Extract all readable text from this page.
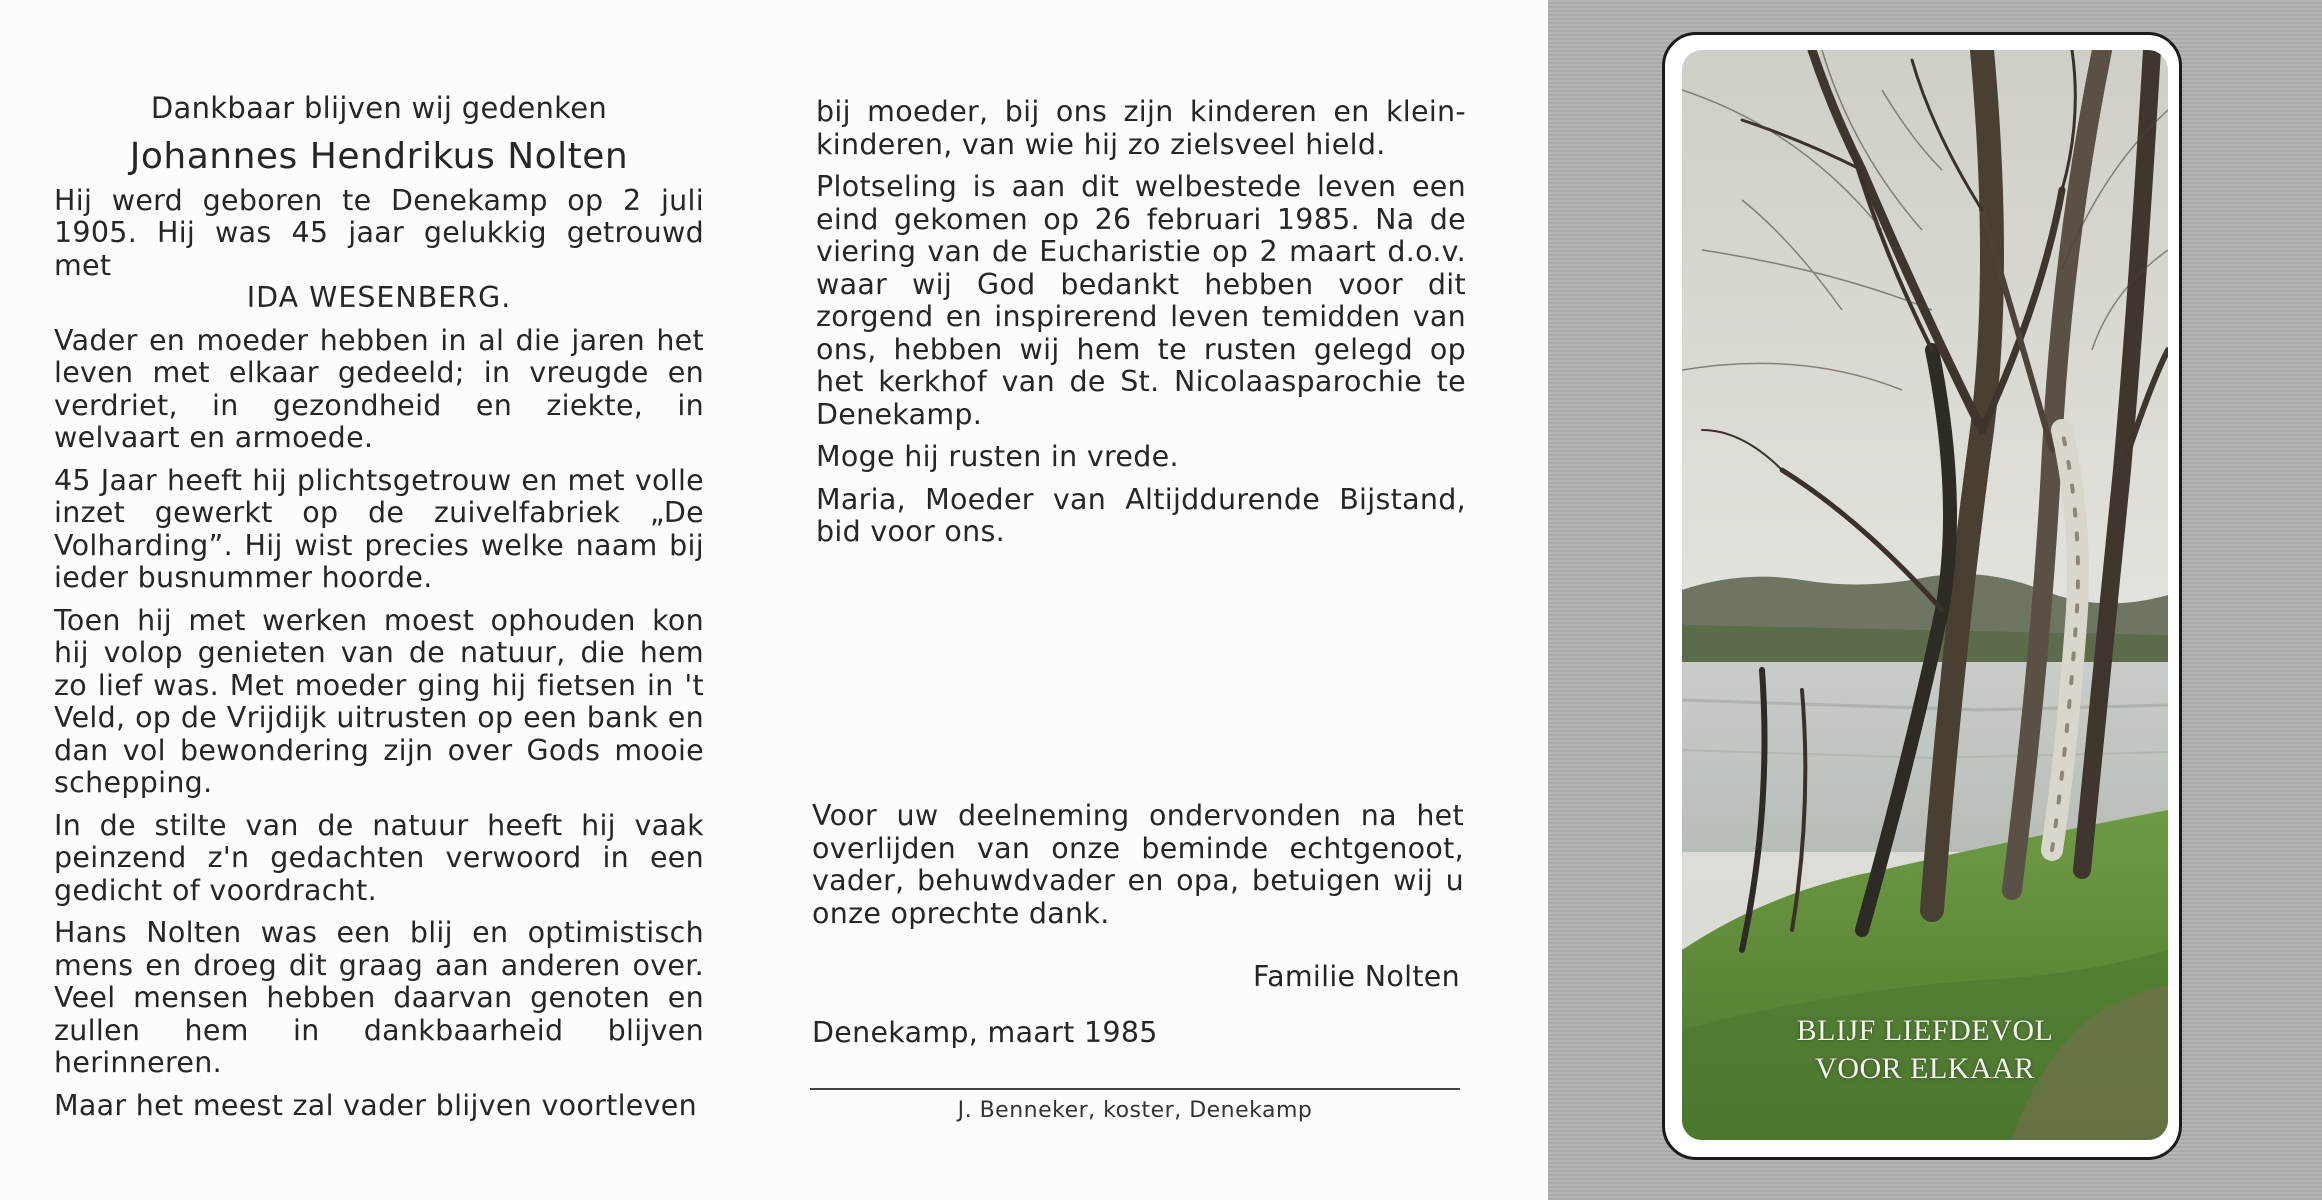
Dankbaar blijven wij gedenken

Johannes Hendrikus Nolten

Hij werd geboren te Denekamp op 2 juli 1905. Hij was 45 jaar gelukkig getrouwd met

IDA WESENBERG.

Vader en moeder hebben in al die jaren het leven met elkaar gedeeld; in vreugde en verdriet, in gezondheid en ziekte, in welvaart en armoede.

45 Jaar heeft hij plichtsgetrouw en met volle inzet gewerkt op de zuivelfabriek „De Volharding”. Hij wist precies welke naam bij ieder busnummer hoorde.

Toen hij met werken moest ophouden kon hij volop genieten van de natuur, die hem zo lief was. Met moeder ging hij fietsen in 't Veld, op de Vrijdijk uitrusten op een bank en dan vol bewondering zijn over Gods mooie schepping.

In de stilte van de natuur heeft hij vaak peinzend z'n gedachten verwoord in een gedicht of voordracht.

Hans Nolten was een blij en optimistisch mens en droeg dit graag aan anderen over. Veel mensen hebben daarvan genoten en zullen hem in dankbaarheid blijven herinneren.

Maar het meest zal vader blijven voortleven

bij moeder, bij ons zijn kinderen en klein-kinderen, van wie hij zo zielsveel hield.

Plotseling is aan dit welbestede leven een eind gekomen op 26 februari 1985. Na de viering van de Eucharistie op 2 maart d.o.v. waar wij God bedankt hebben voor dit zorgend en inspirerend leven temidden van ons, hebben wij hem te rusten gelegd op het kerkhof van de St. Nicolaasparochie te Denekamp.

Moge hij rusten in vrede.

Maria, Moeder van Altijddurende Bijstand, bid voor ons.

Voor uw deelneming ondervonden na het overlijden van onze beminde echtgenoot, vader, behuwdvader en opa, betuigen wij u onze oprechte dank.

Familie Nolten
Denekamp, maart 1985
J. Benneker, koster, Denekamp
BLIJF LIEFDEVOL
VOOR ELKAAR
